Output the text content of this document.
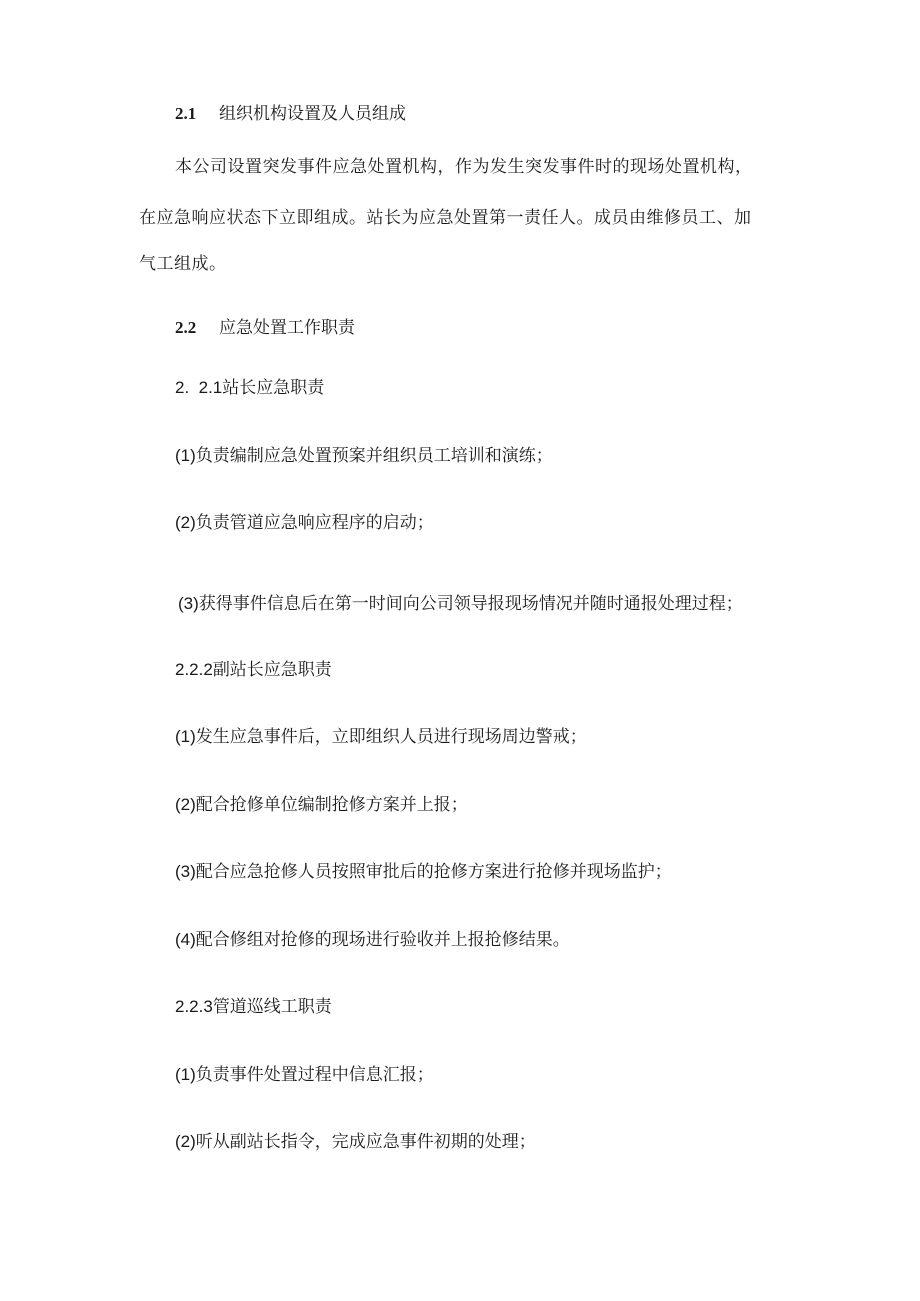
2.1 组织机构设置及人员组成
本公司设置突发事件应急处置机构，作为发生突发事件时的现场处置机构，
在应急响应状态下立即组成。站长为应急处置第一责任人。成员由维修员工、加
气工组成。
2.2 应急处置工作职责
2.  2.1站长应急职责
(1)负责编制应急处置预案并组织员工培训和演练；
(2)负责管道应急响应程序的启动；
(3)获得事件信息后在第一时间向公司领导报现场情况并随时通报处理过程；
2.2.2副站长应急职责
(1)发生应急事件后，立即组织人员进行现场周边警戒；
(2)配合抢修单位编制抢修方案并上报；
(3)配合应急抢修人员按照审批后的抢修方案进行抢修并现场监护；
(4)配合修组对抢修的现场进行验收并上报抢修结果。
2.2.3管道巡线工职责
(1)负责事件处置过程中信息汇报；
(2)听从副站长指令，完成应急事件初期的处理；
